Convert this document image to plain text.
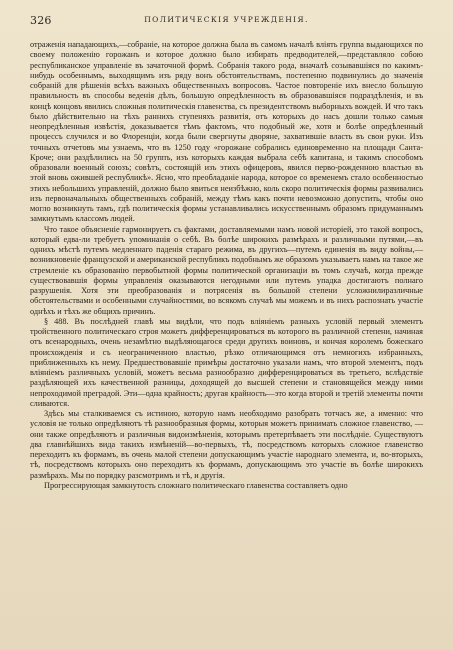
326	ПОЛИТИЧЕСКІЯ УЧРЕЖДЕНІЯ.

отраженія нападающихъ,—собраніе, на которое должна была въ самомъ началѣ вліять группа выдающихся по своему положенію горожанъ и которое должно было избирать предводителей,—представляло собою республиканское управленіе въ зачаточной формѣ. Собранія такого рода, вначалѣ созывавшіяся по какимъ-нибудь особеннымъ, выходящимъ изъ ряду вонъ обстоятельствамъ, постепенно подвинулись до значенія собраній для рѣшенія всѣхъ важныхъ общественныхъ вопросовъ. Частое повтореніе ихъ внесло большую правильность въ способы веденія дѣлъ, большую опредѣленность въ образовавшіяся подраздѣленія, и въ концѣ концовъ явились сложныя политическія главенства, съ президентствомъ выборныхъ вождей. И что такъ было дѣйствительно на тѣхъ раннихъ ступеняхъ развитія, отъ которыхъ до насъ дошли только самыя неопредѣленныя извѣстія, доказывается тѣмъ фактомъ, что подобный же, хотя и болѣе опредѣленный процессъ случился и во Флоренціи, когда были свергнуты дворяне, захватившіе власть въ свои руки. Изъ точныхъ отчетовъ мы узнаемъ, что въ 1250 году «горожане собрались единовременно на площади Санта-Кроче; они раздѣлились на 50 группъ, изъ которыхъ каждая выбрала себѣ капитана, и такимъ способомъ образовали военный союзъ; совѣтъ, состоящій изъ этихъ офицеровъ, явился перво-рожденною властью въ этой вновь ожившей республикѣ». Ясно, что преобладаніе народа, которое со временемъ стало особенностью этихъ небольшихъ управленій, должно было явиться неизбѣжно, коль скоро политическія формы развивались изъ первоначальныхъ общественныхъ собраній, между тѣмъ какъ почти невозможно допустить, чтобы оно могло возникнуть тамъ, гдѣ политическія формы устанавливались искусственнымъ образомъ придуманнымъ замкнутымъ классомъ людей.

Что такое объясненіе гармонируетъ съ фактами, доставляемыми намъ новой исторіей, это такой вопросъ, который едва-ли требуетъ упоминанія о себѣ. Въ болѣе широкихъ размѣрахъ и различными путями,—въ однихъ мѣстѣ путемъ медленнаго паденія стараго режима, въ другихъ—путемъ единенія въ виду войны,—возникновеніе французской и американской республикъ подобнымъ же образомъ указываетъ намъ на такое же стремленіе къ образованію первобытной формы политической организаціи въ томъ случаѣ, когда прежде существовавшія формы управленія оказываются негодными или путемъ упадка достигаютъ полнаго разрушенія. Хотя эти преобразованія и потрясенія въ большой степени усложнилиразличные обстоятельствами и особенными случайностями, во всякомъ случаѣ мы можемъ и въ нихъ распознать участіе однѣхъ и тѣхъ же общихъ причинъ.

§ 488. Въ послѣдней главѣ мы видѣли, что подъ вліяніемъ разныхъ условій первый элементъ тройственного политическаго строя можетъ дифференцироваться въ которого въ различной степени, начиная отъ всенародныхъ, очень незамѣтно выдѣляющагося среди другихъ воиновъ, и кончая королемъ божескаго происхожденія и съ неограниченною властью, рѣзко отличающимся отъ немногихъ избранныхъ, приближенныхъ къ нему. Предшествовавшіе примѣры достаточно указали намъ, что второй элементъ, подъ вліяніемъ различныхъ условій, можетъ весьма разнообразно дифференцироваться въ третьего, вслѣдствіе раздѣляющей ихъ качественной разницы, доходящей до высшей степени и становящейся между ними непроходимой преградой. Эти—одна крайность; другая крайность—это когда второй и третій элементы почти сливаются.

Здѣсь мы сталкиваемся съ истиною, которую намъ необходимо разобрать тотчасъ же, а именно: что условія не только опредѣляютъ тѣ разнообразныя формы, которыя можетъ принимать сложное главенство, — они также опредѣляютъ и различныя видоизмѣненія, которымъ претерпѣваетъ эти послѣдніе. Существуютъ два главнѣйшихъ вида такихъ измѣненій—во-первыхъ, тѣ, посредствомъ которыхъ сложное главенство переходитъ къ формамъ, въ очень малой степени допускающимъ участіе народнаго элемента, и, во-вторыхъ, тѣ, посредствомъ которыхъ оно переходитъ къ формамъ, допускающимъ это участіе въ болѣе широкихъ размѣрахъ. Мы по порядку разсмотримъ и тѣ, и другія.

Прогрессирующая замкнутость сложнаго политическаго главенства составляетъ одно
